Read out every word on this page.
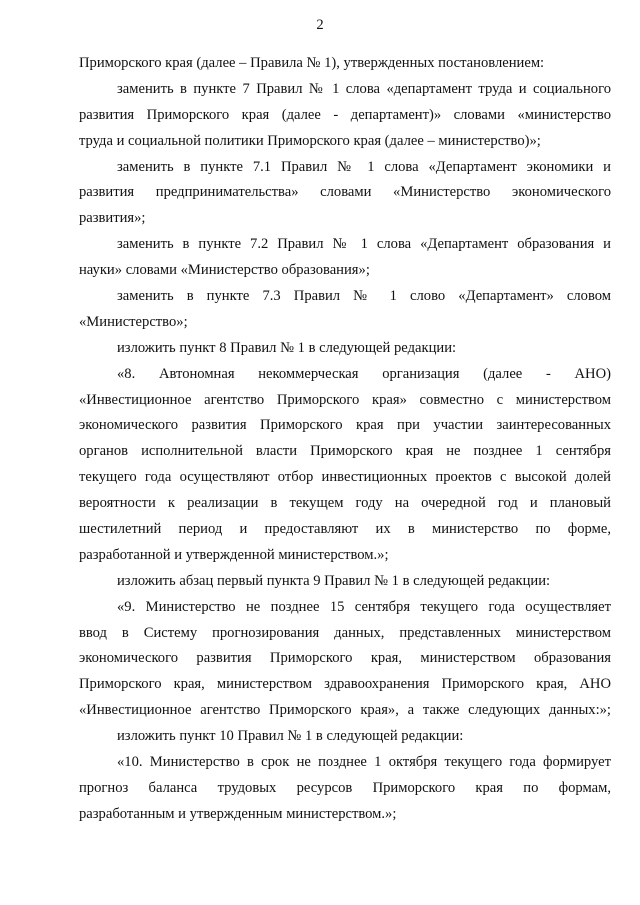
2
Приморского края (далее – Правила № 1), утвержденных постановлением:
заменить в пункте 7 Правил № 1 слова «департамент труда и социального
развития Приморского края (далее - департамент)» словами «министерство
труда и социальной политики Приморского края (далее – министерство)»;
заменить в пункте 7.1 Правил № 1 слова «Департамент экономики и
развития предпринимательства» словами «Министерство экономического
развития»;
заменить в пункте 7.2 Правил № 1 слова «Департамент образования и
науки» словами «Министерство образования»;
заменить в пункте 7.3 Правил № 1 слово «Департамент» словом
«Министерство»;
изложить пункт 8 Правил № 1 в следующей редакции:
«8. Автономная некоммерческая организация (далее - АНО)
«Инвестиционное агентство Приморского края» совместно с министерством
экономического развития Приморского края при участии заинтересованных
органов исполнительной власти Приморского края не позднее 1 сентября
текущего года осуществляют отбор инвестиционных проектов с высокой долей
вероятности к реализации в текущем году на очередной год и плановый
шестилетний период и предоставляют их в министерство по форме,
разработанной и утвержденной министерством.»;
изложить абзац первый пункта 9 Правил № 1 в следующей редакции:
«9. Министерство не позднее 15 сентября текущего года осуществляет
ввод в Систему прогнозирования данных, представленных министерством
экономического развития Приморского края, министерством образования
Приморского края, министерством здравоохранения Приморского края, АНО
«Инвестиционное агентство Приморского края», а также следующих данных:»;
изложить пункт 10 Правил № 1 в следующей редакции:
«10. Министерство в срок не позднее 1 октября текущего года формирует
прогноз баланса трудовых ресурсов Приморского края по формам,
разработанным и утвержденным министерством.»;
